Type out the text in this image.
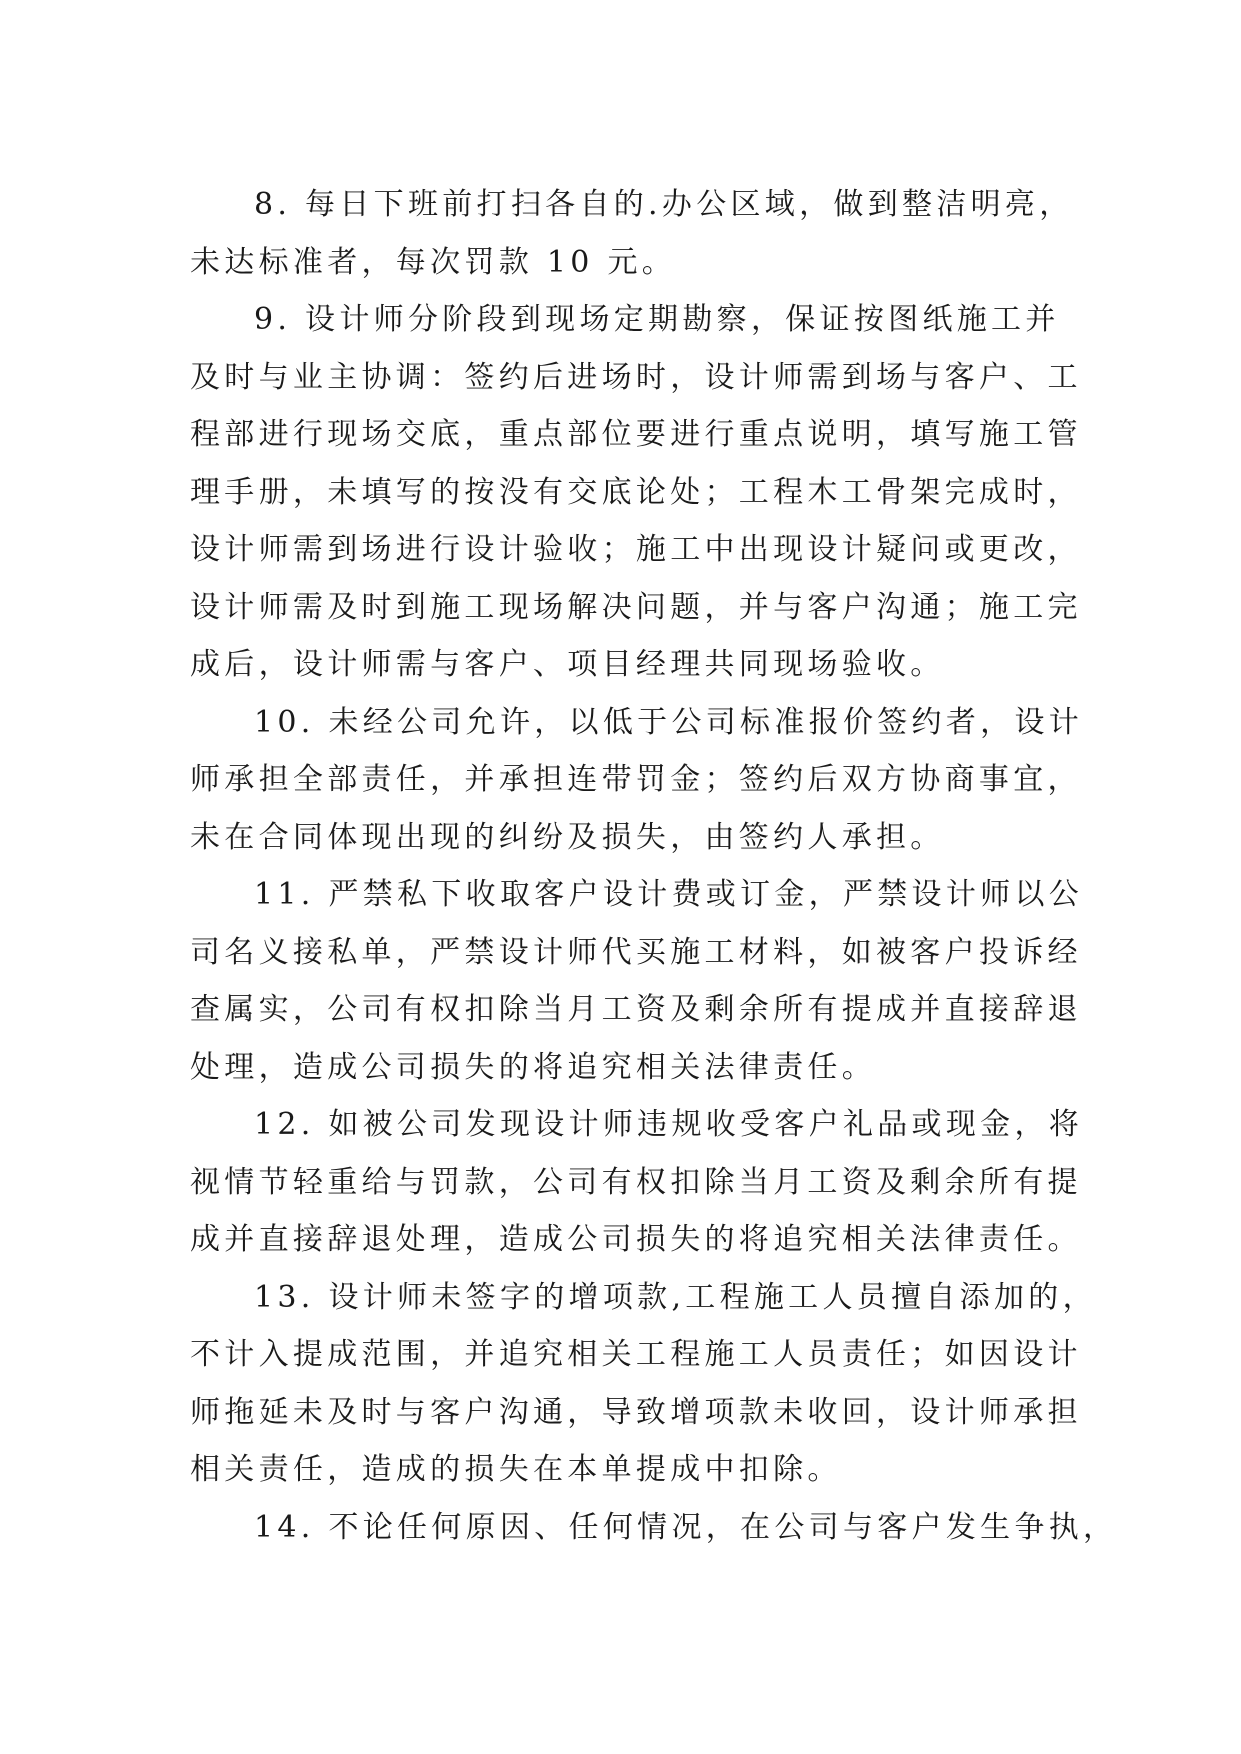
8. 每日下班前打扫各自的.办公区域，做到整洁明亮，
未达标准者，每次罚款 10 元。
9. 设计师分阶段到现场定期勘察，保证按图纸施工并
及时与业主协调：签约后进场时，设计师需到场与客户、工
程部进行现场交底，重点部位要进行重点说明，填写施工管
理手册，未填写的按没有交底论处；工程木工骨架完成时，
设计师需到场进行设计验收；施工中出现设计疑问或更改，
设计师需及时到施工现场解决问题，并与客户沟通；施工完
成后，设计师需与客户、项目经理共同现场验收。
10. 未经公司允许，以低于公司标准报价签约者，设计
师承担全部责任，并承担连带罚金；签约后双方协商事宜，
未在合同体现出现的纠纷及损失，由签约人承担。
11. 严禁私下收取客户设计费或订金，严禁设计师以公
司名义接私单，严禁设计师代买施工材料，如被客户投诉经
查属实，公司有权扣除当月工资及剩余所有提成并直接辞退
处理，造成公司损失的将追究相关法律责任。
12. 如被公司发现设计师违规收受客户礼品或现金，将
视情节轻重给与罚款，公司有权扣除当月工资及剩余所有提
成并直接辞退处理，造成公司损失的将追究相关法律责任。
13. 设计师未签字的增项款,工程施工人员擅自添加的，
不计入提成范围，并追究相关工程施工人员责任；如因设计
师拖延未及时与客户沟通，导致增项款未收回，设计师承担
相关责任，造成的损失在本单提成中扣除。
14. 不论任何原因、任何情况，在公司与客户发生争执，
